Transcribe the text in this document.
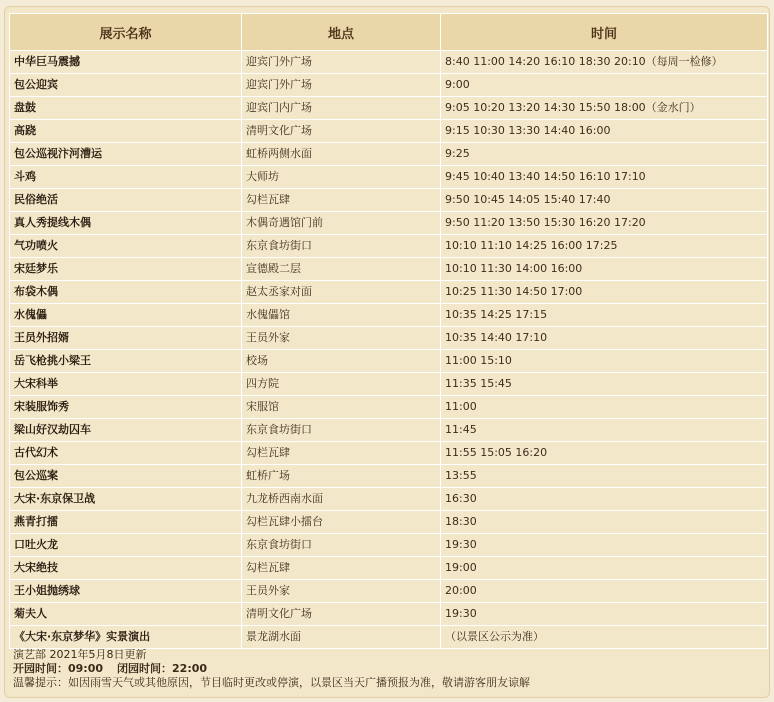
展示名称	地点	时间
中华巨马震撼	迎宾门外广场	8:40 11:00 14:20 16:10 18:30 20:10（每周一检修）
包公迎宾	迎宾门外广场	9:00
盘鼓	迎宾门内广场	9:05 10:20 13:20 14:30 15:50 18:00（金水门）
高跷	清明文化广场	9:15 10:30 13:30 14:40 16:00
包公巡视汴河漕运	虹桥两侧水面	9:25
斗鸡	大师坊	9:45 10:40 13:40 14:50 16:10 17:10
民俗绝活	勾栏瓦肆	9:50 10:45 14:05 15:40 17:40
真人秀提线木偶	木偶奇遇馆门前	9:50 11:20 13:50 15:30 16:20 17:20
气功喷火	东京食坊街口	10:10 11:10 14:25 16:00 17:25
宋廷梦乐	宣德殿二层	10:10 11:30 14:00 16:00
布袋木偶	赵太丞家对面	10:25 11:30 14:50 17:00
水傀儡	水傀儡馆	10:35 14:25 17:15
王员外招婿	王员外家	10:35 14:40 17:10
岳飞枪挑小梁王	校场	11:00 15:10
大宋科举	四方院	11:35 15:45
宋装服饰秀	宋服馆	11:00
梁山好汉劫囚车	东京食坊街口	11:45
古代幻术	勾栏瓦肆	11:55 15:05 16:20
包公巡案	虹桥广场	13:55
大宋·东京保卫战	九龙桥西南水面	16:30
燕青打擂	勾栏瓦肆小擂台	18:30
口吐火龙	东京食坊街口	19:30
大宋绝技	勾栏瓦肆	19:00
王小姐抛绣球	王员外家	20:00
菊夫人	清明文化广场	19:30
《大宋·东京梦华》实景演出	景龙湖水面	（以景区公示为准）
演艺部 2021年5月8日更新
开园时间：09:00 闭园时间：22:00
温馨提示：如因雨雪天气或其他原因，节目临时更改或停演，以景区当天广播预报为准，敬请游客朋友谅解
